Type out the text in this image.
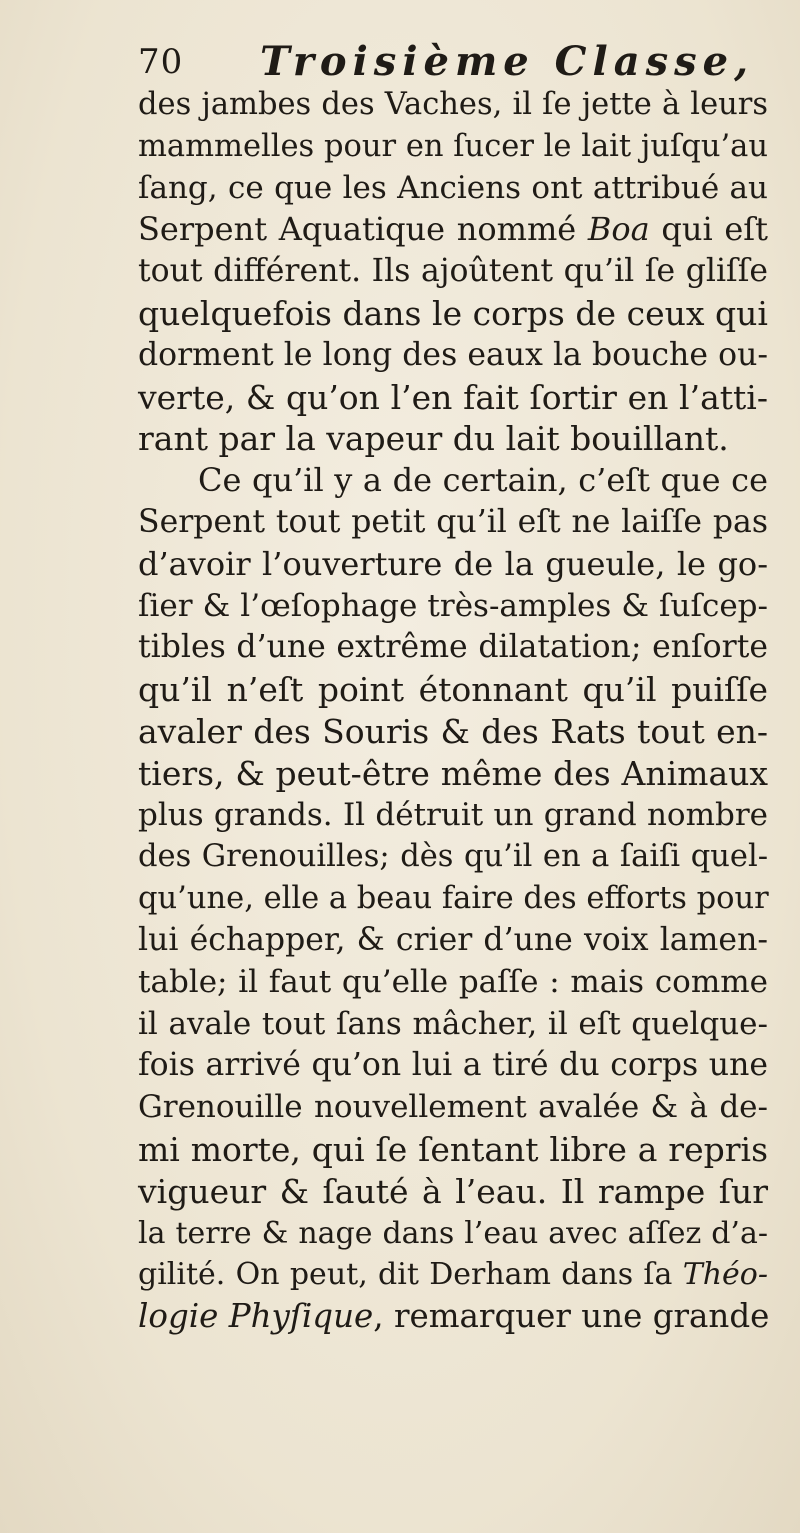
70 Troisième Classe,
des jambes des Vaches, il ſe jette à leurs
mammelles pour en ſucer le lait juſqu’au
ſang, ce que les Anciens ont attribué au
Serpent Aquatique nommé Boa qui eſt
tout différent. Ils ajoûtent qu’il ſe gliſſe
quelquefois dans le corps de ceux qui
dorment le long des eaux la bouche ou-
verte, & qu’on l’en fait ſortir en l’atti-
rant par la vapeur du lait bouillant.
Ce qu’il y a de certain, c’eſt que ce
Serpent tout petit qu’il eſt ne laiſſe pas
d’avoir l’ouverture de la gueule, le go-
ſier & l’œſophage très-amples & ſuſcep-
tibles d’une extrême dilatation; enſorte
qu’il n’eſt point étonnant qu’il puiſſe
avaler des Souris & des Rats tout en-
tiers, & peut-être même des Animaux
plus grands. Il détruit un grand nombre
des Grenouilles; dès qu’il en a ſaiſi quel-
qu’une, elle a beau faire des efforts pour
lui échapper, & crier d’une voix lamen-
table; il faut qu’elle paſſe : mais comme
il avale tout ſans mâcher, il eſt quelque-
fois arrivé qu’on lui a tiré du corps une
Grenouille nouvellement avalée & à de-
mi morte, qui ſe ſentant libre a repris
vigueur & ſauté à l’eau. Il rampe ſur
la terre & nage dans l’eau avec aſſez d’a-
gilité. On peut, dit Derham dans ſa Théo-
logie Phyſique, remarquer une grande
